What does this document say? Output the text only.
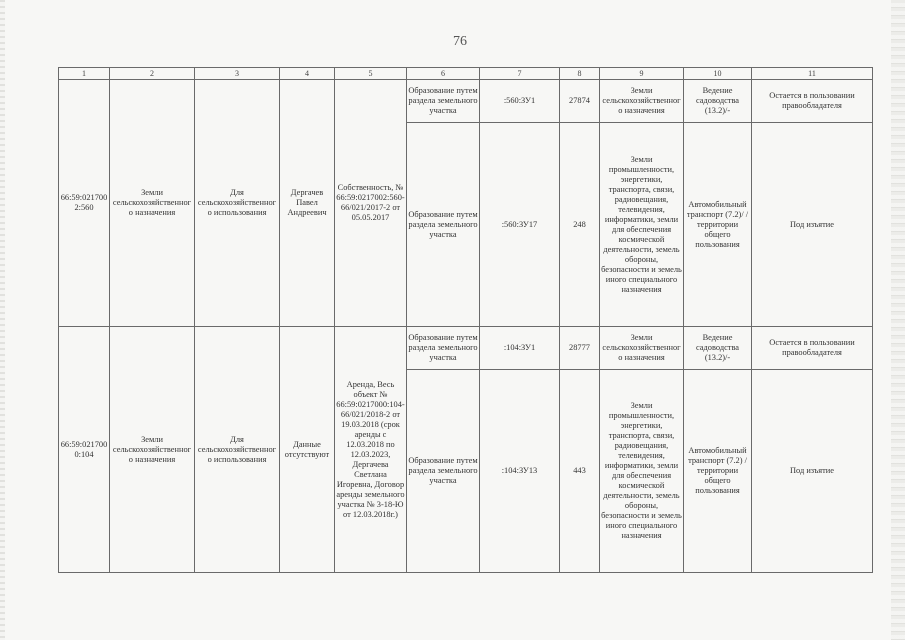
76
1	2	3	4	5	6	7	8	9	10	11
66:59:0217002:560	Земли сельскохозяйственного назначения	Для сельскохозяйственного использования	Дергачев Павел Андреевич	Собственность, № 66:59:0217002:560-66/021/2017-2 от 05.05.2017	Образование путем раздела земельного участка	:560:ЗУ1	27874	Земли сельскохозяйственного назначения	Ведение садоводства (13.2)/-	Остается в пользовании правообладателя
					Образование путем раздела земельного участка	:560:ЗУ17	248	Земли промышленности, энергетики, транспорта, связи, радиовещания, телевидения, информатики, земли для обеспечения космической деятельности, земель обороны, безопасности и земель иного специального назначения	Автомобильный транспорт (7.2)/ /территории общего пользования	Под изъятие
66:59:0217000:104	Земли сельскохозяйственного назначения	Для сельскохозяйственного использования	Данные отсутствуют	Аренда, Весь объект № 66:59:0217000:104-66/021/2018-2 от 19.03.2018 (срок аренды с 12.03.2018 по 12.03.2023, Дергачева Светлана Игоревна, Договор аренды земельного участка № 3-18-Ю от 12.03.2018г.)	Образование путем раздела земельного участка	:104:ЗУ1	28777	Земли сельскохозяйственного назначения	Ведение садоводства (13.2)/-	Остается в пользовании правообладателя
					Образование путем раздела земельного участка	:104:ЗУ13	443	Земли промышленности, энергетики, транспорта, связи, радиовещания, телевидения, информатики, земли для обеспечения космической деятельности, земель обороны, безопасности и земель иного специального назначения	Автомобильный транспорт (7.2) /территории общего пользования	Под изъятие
